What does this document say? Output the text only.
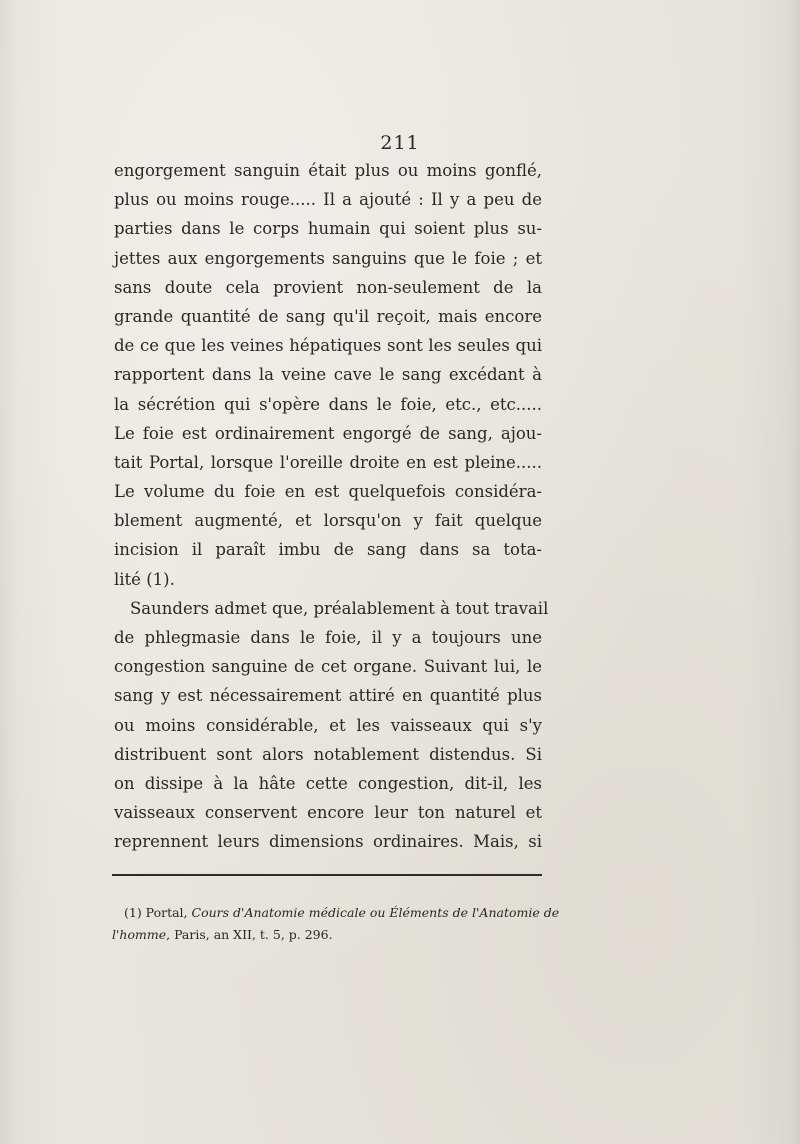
211
engorgement sanguin était plus ou moins gonflé,
plus ou moins rouge..... Il a ajouté : Il y a peu de
parties dans le corps humain qui soient plus su-
jettes aux engorgements sanguins que le foie ; et
sans doute cela provient non-seulement de la
grande quantité de sang qu'il reçoit, mais encore
de ce que les veines hépatiques sont les seules qui
rapportent dans la veine cave le sang excédant à
la sécrétion qui s'opère dans le foie, etc., etc.....
Le foie est ordinairement engorgé de sang, ajou-
tait Portal, lorsque l'oreille droite en est pleine.....
Le volume du foie en est quelquefois considéra-
blement augmenté, et lorsqu'on y fait quelque
incision il paraît imbu de sang dans sa tota-
lité (1).
Saunders admet que, préalablement à tout travail
de phlegmasie dans le foie, il y a toujours une
congestion sanguine de cet organe. Suivant lui, le
sang y est nécessairement attiré en quantité plus
ou moins considérable, et les vaisseaux qui s'y
distribuent sont alors notablement distendus. Si
on dissipe à la hâte cette congestion, dit-il, les
vaisseaux conservent encore leur ton naturel et
reprennent leurs dimensions ordinaires. Mais, si
(1) Portal, Cours d'Anatomie médicale ou Éléments de l'Anatomie de
l'homme, Paris, an XII, t. 5, p. 296.
